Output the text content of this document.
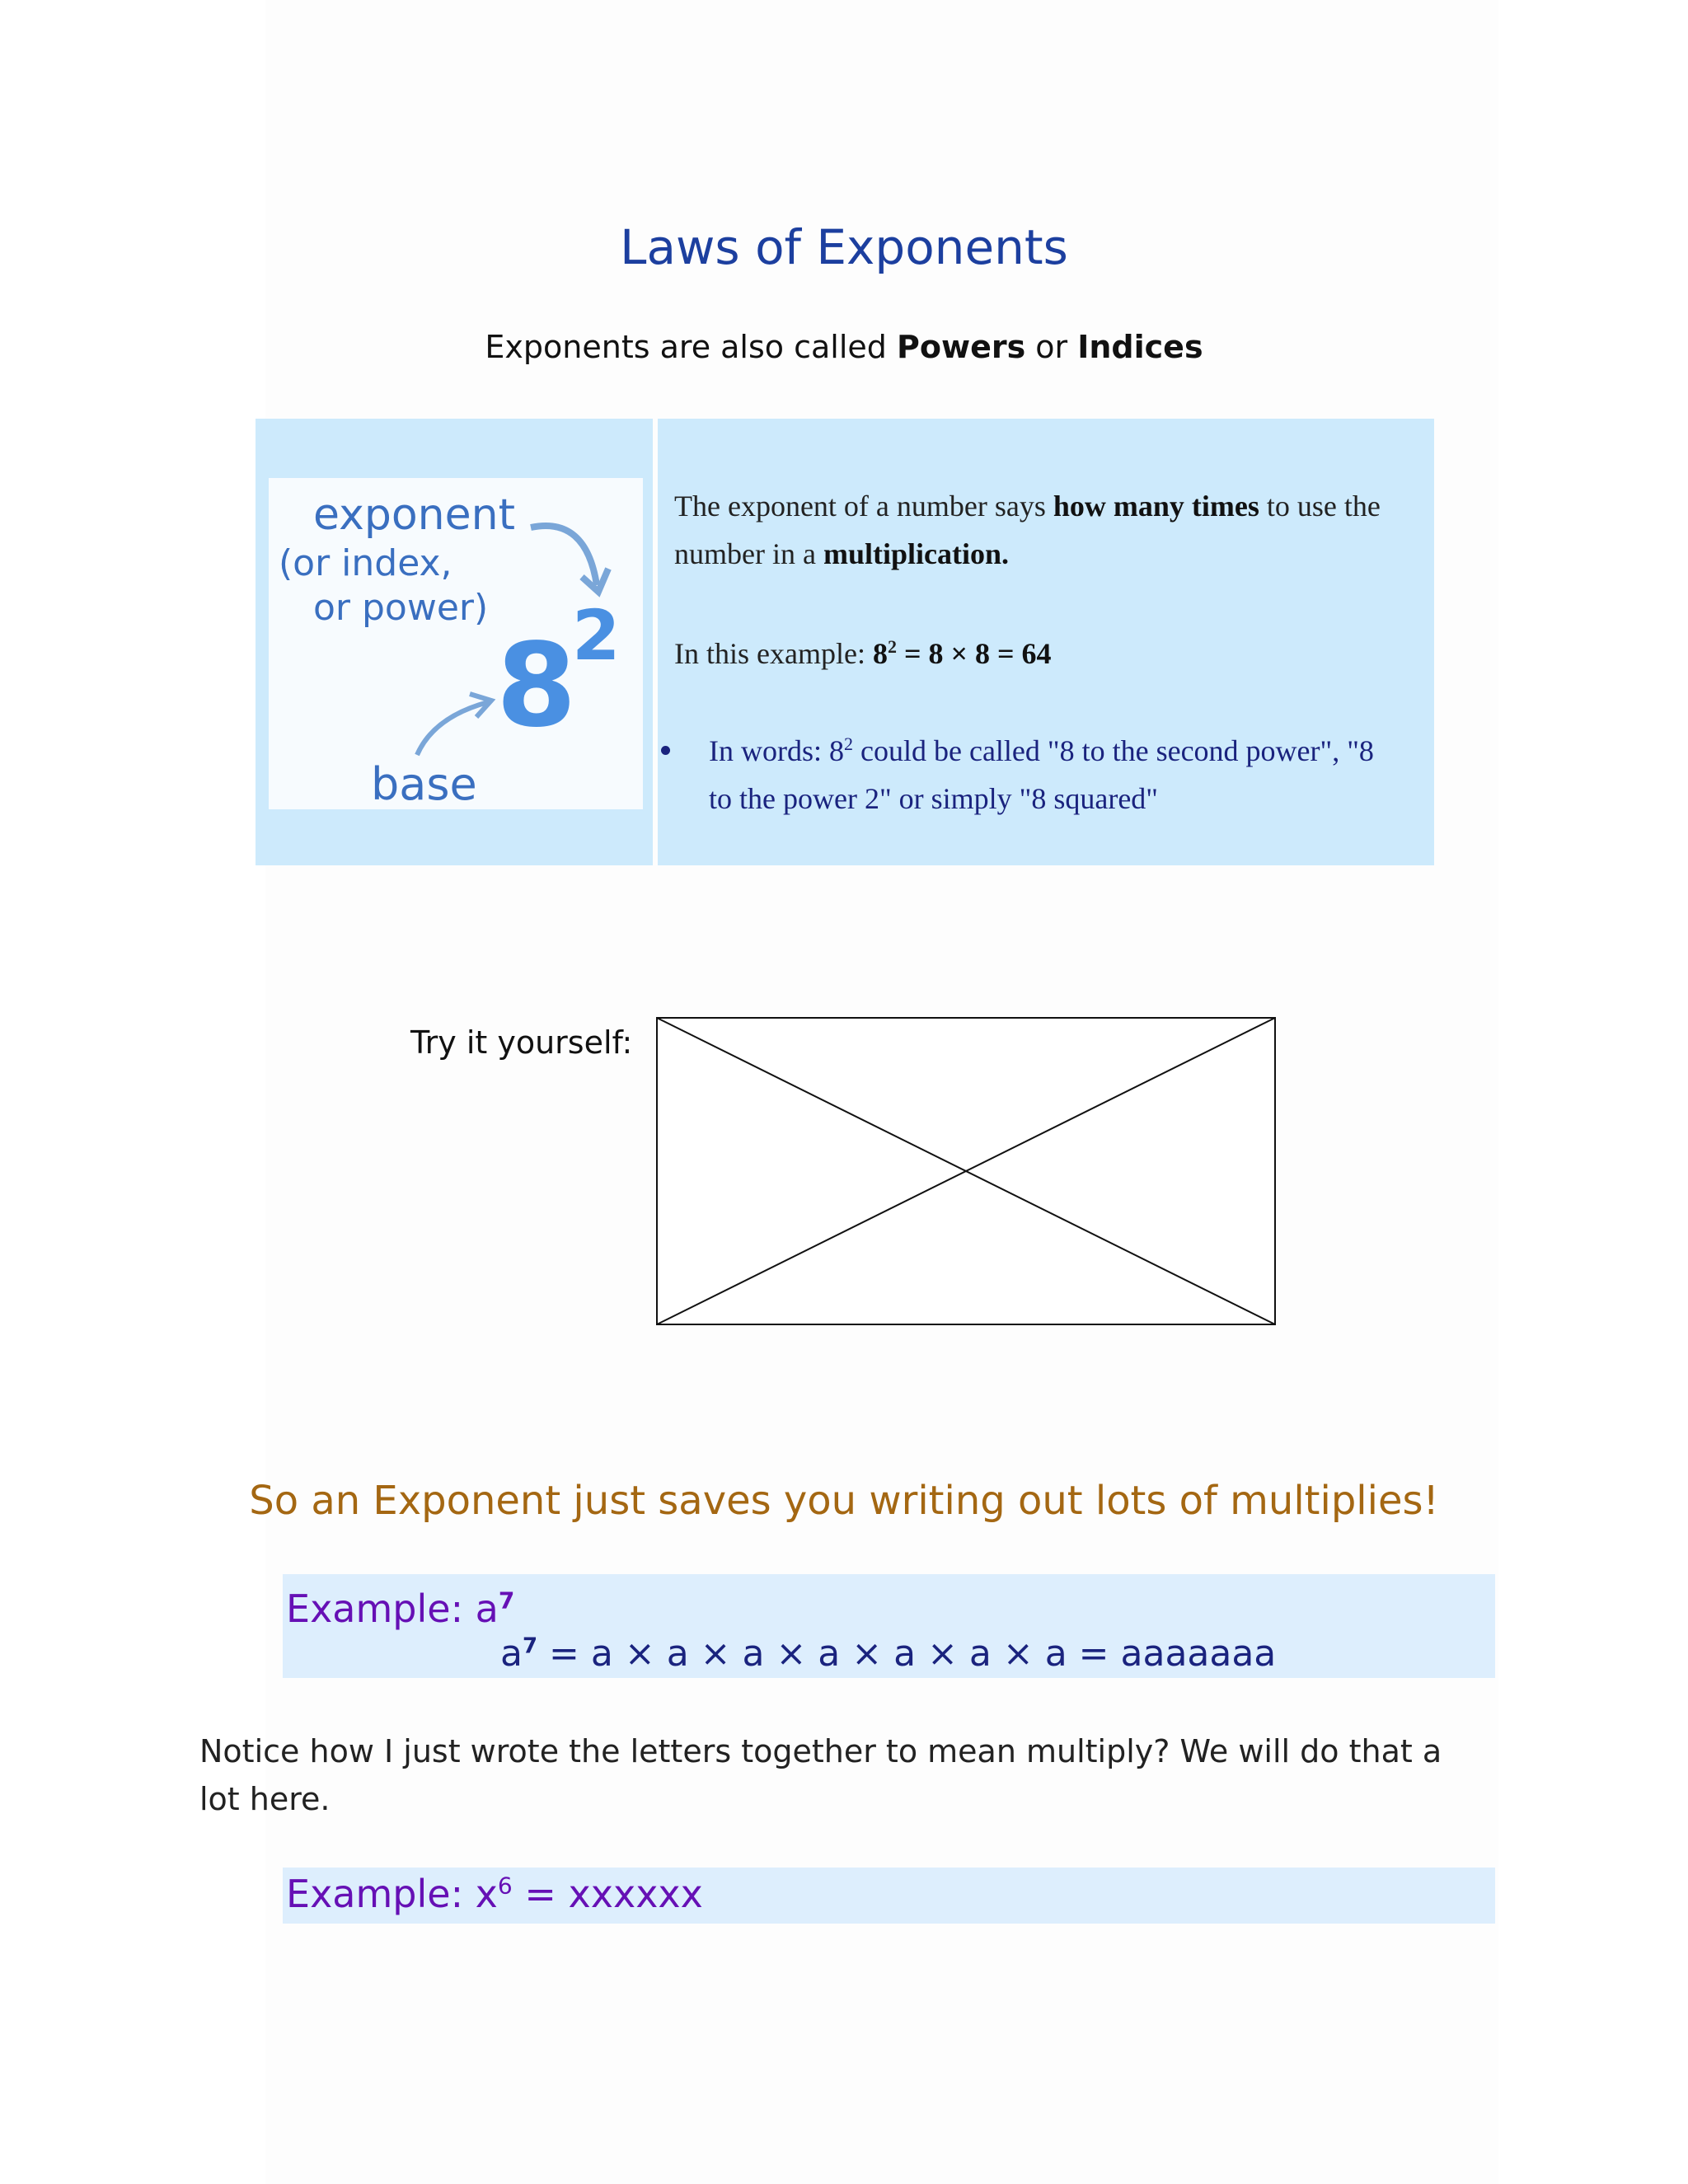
Laws of Exponents
Exponents are also called Powers or Indices
exponent
(or index,
or power)
8
2
base
The exponent of a number says how many times to use the
number in a multiplication.
In this example: $8^2 = 8 \times 8 = 64$
In words: $8^2$ could be called "8 to the second power", "8
to the power 2" or simply "8 squared"
Try it yourself:
So an Exponent just saves you writing out lots of multiplies!
Example: $a^7$
$a^7 = a \times a \times a \times a \times a \times a \times a$ = aaaaaaa
Notice how I just wrote the letters together to mean multiply? We will do that a
lot here.
Example: $x^6$ = xxxxxx
